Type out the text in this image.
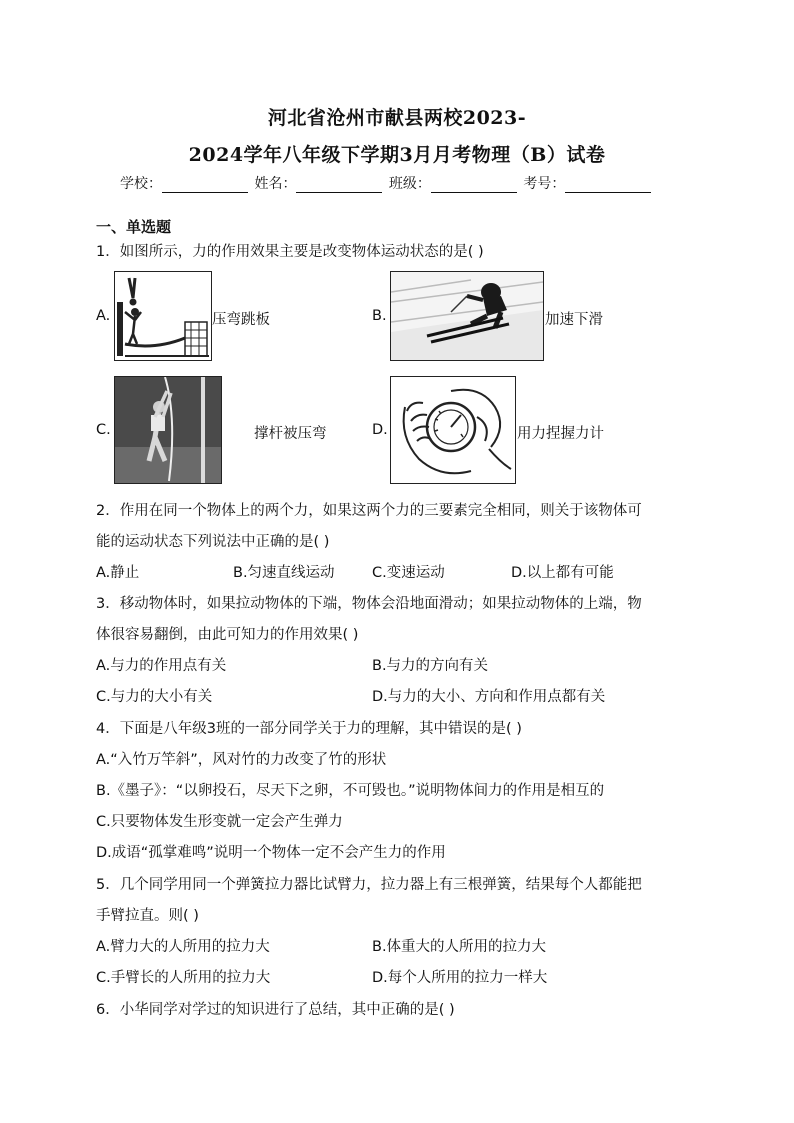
河北省沧州市献县两校2023-
2024学年八年级下学期3月月考物理（B）试卷
学校：	姓名：	班级：	考号：
一、单选题
1．如图所示，力的作用效果主要是改变物体运动状态的是( )
A.	压弯跳板	B.	加速下滑
C.	撑杆被压弯	D.	用力捏握力计
2．作用在同一个物体上的两个力，如果这两个力的三要素完全相同，则关于该物体可
能的运动状态下列说法中正确的是( )
A.静止	B.匀速直线运动	C.变速运动	D.以上都有可能
3．移动物体时，如果拉动物体的下端，物体会沿地面滑动；如果拉动物体的上端，物
体很容易翻倒，由此可知力的作用效果( )
A.与力的作用点有关	B.与力的方向有关
C.与力的大小有关	D.与力的大小、方向和作用点都有关
4．下面是八年级3班的一部分同学关于力的理解，其中错误的是( )
A.“入竹万竿斜”，风对竹的力改变了竹的形状
B.《墨子》：“以卵投石，尽天下之卵，不可毁也。”说明物体间力的作用是相互的
C.只要物体发生形变就一定会产生弹力
D.成语“孤掌难鸣”说明一个物体一定不会产生力的作用
5．几个同学用同一个弹簧拉力器比试臂力，拉力器上有三根弹簧，结果每个人都能把
手臂拉直。则( )
A.臂力大的人所用的拉力大	B.体重大的人所用的拉力大
C.手臂长的人所用的拉力大	D.每个人所用的拉力一样大
6．小华同学对学过的知识进行了总结，其中正确的是( )
